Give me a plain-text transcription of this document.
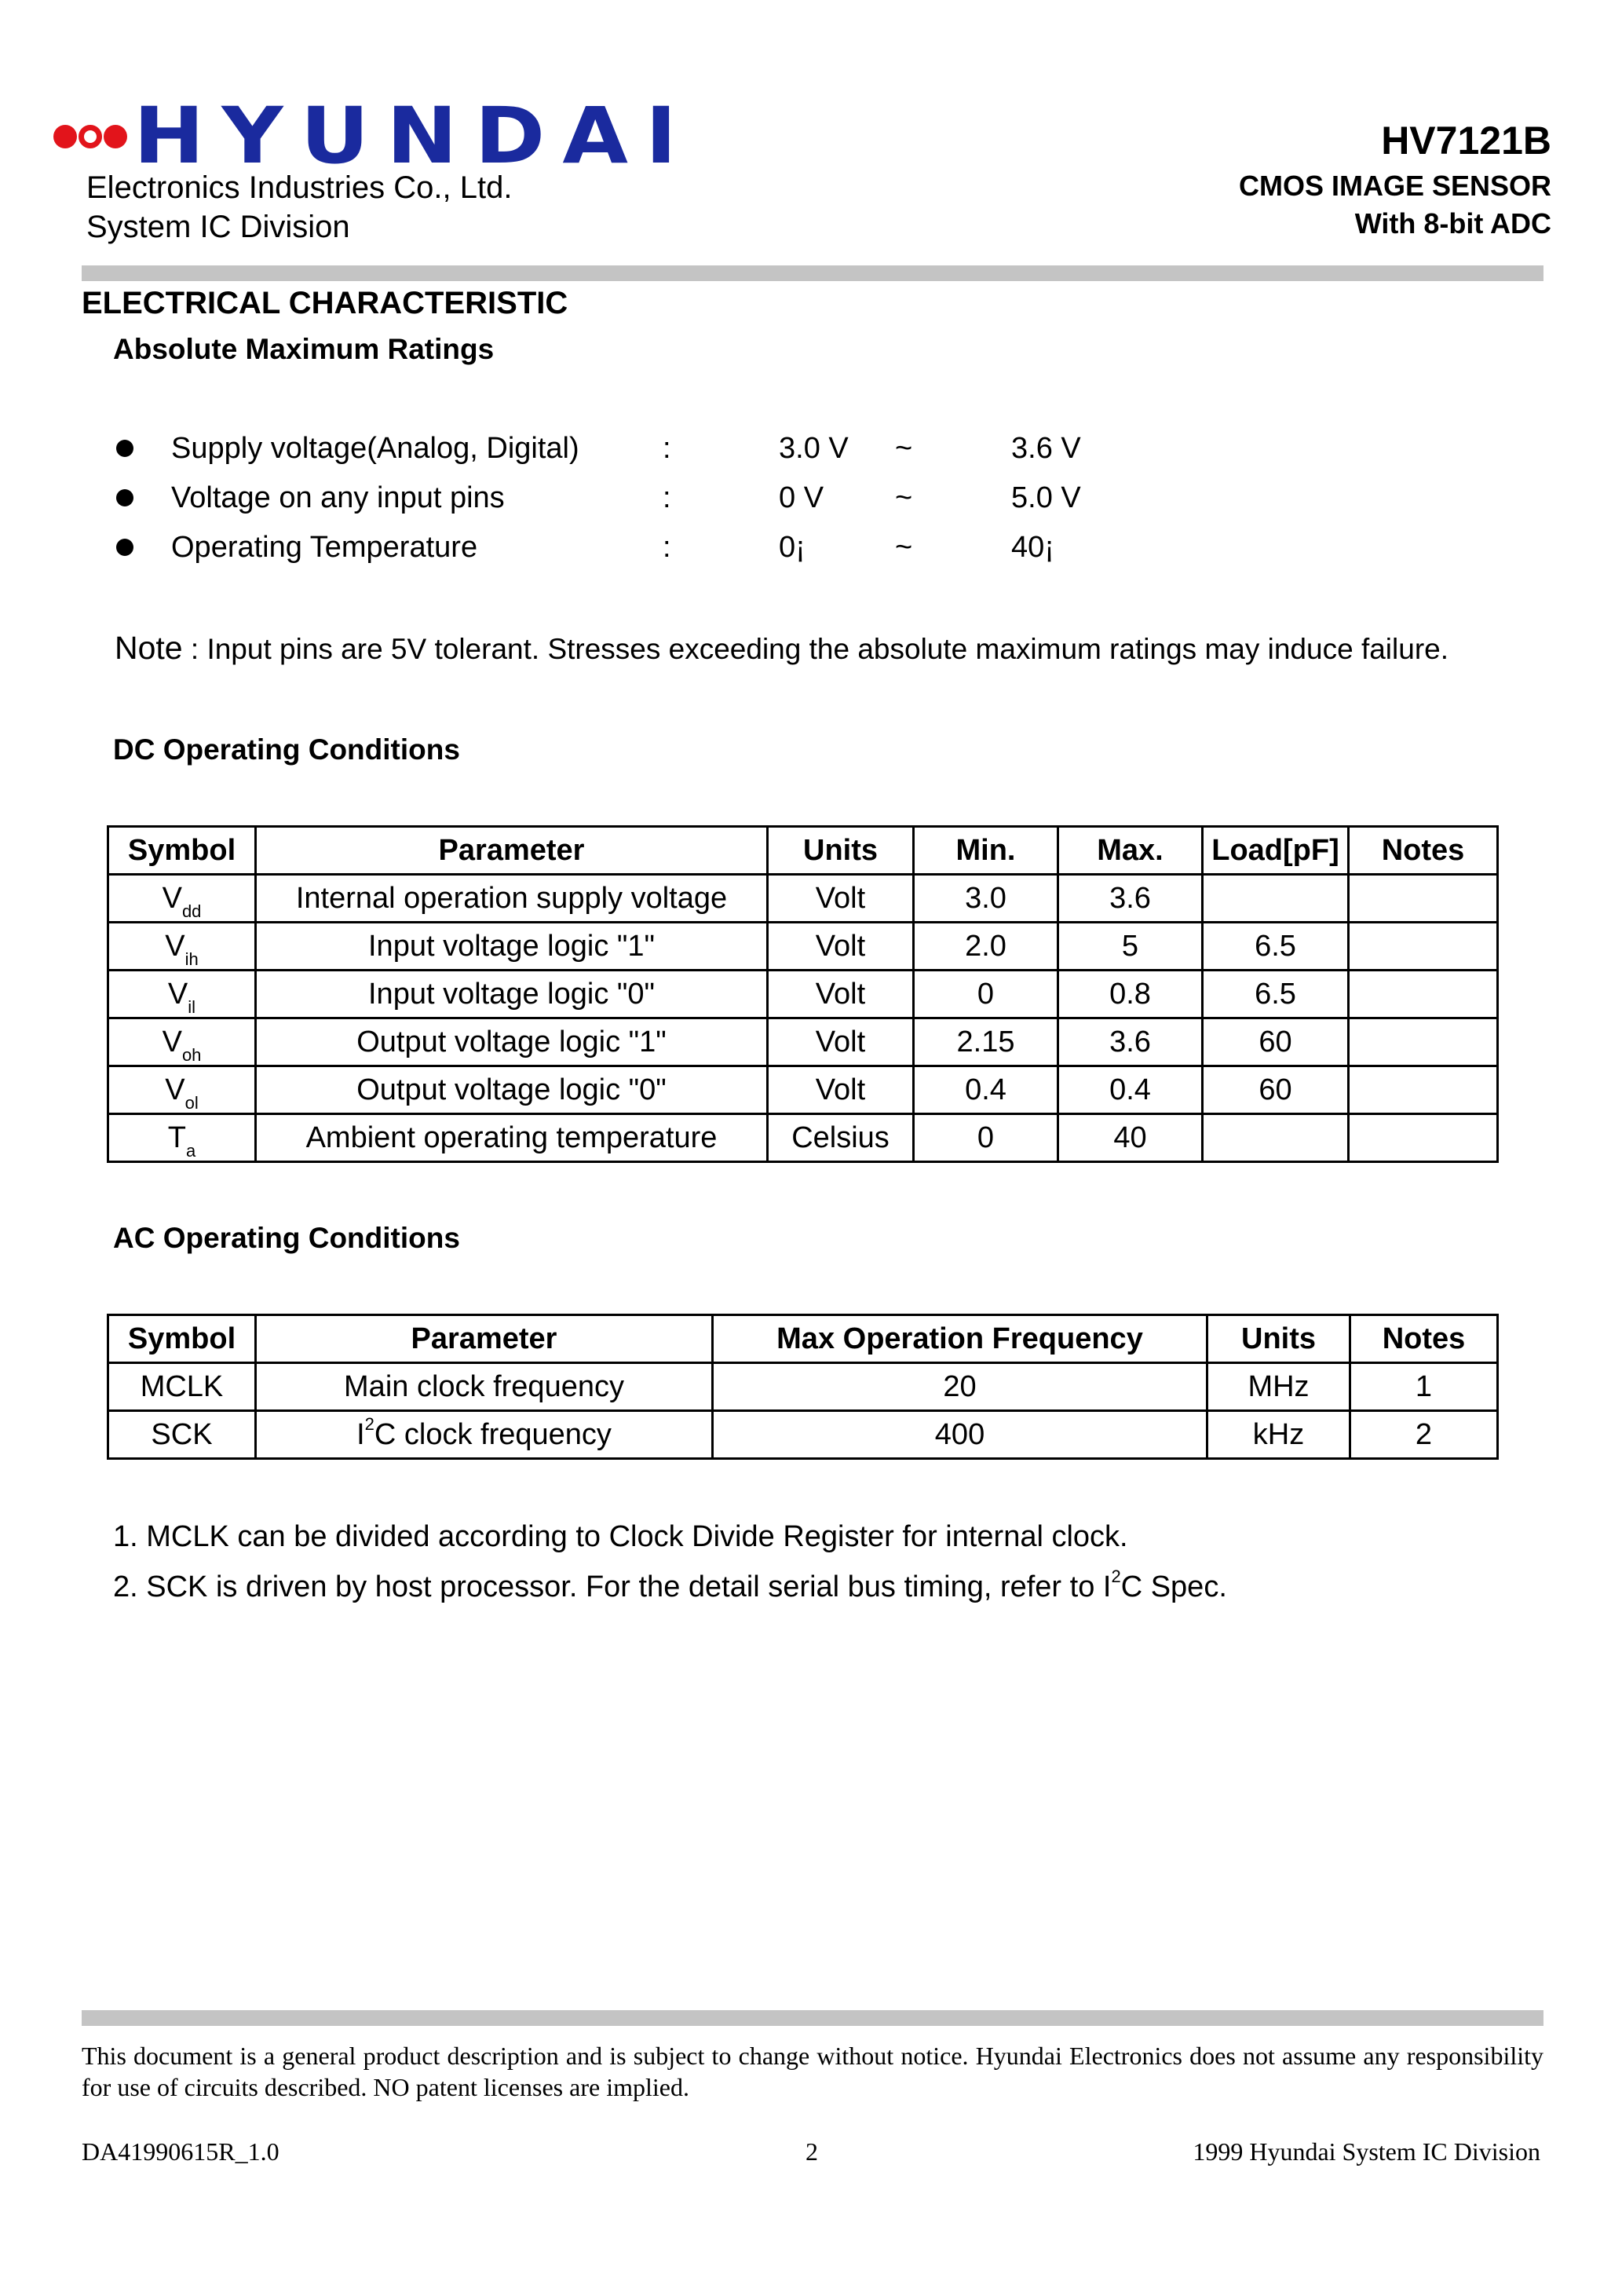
HYUNDAI
Electronics Industries Co., Ltd.
System IC Division
HV7121B
CMOS IMAGE SENSOR
With 8-bit ADC
ELECTRICAL CHARACTERISTIC
Absolute Maximum Ratings
Supply voltage(Analog, Digital)	:	3.0 V ~	3.6 V
Voltage on any input pins	:	0 V ~	5.0 V
Operating Temperature	:	0¡	~	40¡
Note : Input pins are 5V tolerant. Stresses exceeding the absolute maximum ratings may induce failure.
DC Operating Conditions
Symbol	Parameter	Units	Min.	Max.	Load[pF]	Notes
$V_{dd}$	Internal operation supply voltage	Volt	3.0	3.6		
$V_{ih}$	Input voltage logic "1"	Volt	2.0	5	6.5	
$V_{il}$	Input voltage logic "0"	Volt	0	0.8	6.5	
$V_{oh}$	Output voltage logic "1"	Volt	2.15	3.6	60	
$V_{ol}$	Output voltage logic "0"	Volt	0.4	0.4	60	
$T_a$	Ambient operating temperature	Celsius	0	40		
AC Operating Conditions
Symbol	Parameter	Max Operation Frequency	Units	Notes
MCLK	Main clock frequency	20	MHz	1
SCK	$I^2C$ clock frequency	400	kHz	2
1. MCLK can be divided according to Clock Divide Register for internal clock.
2. SCK is driven by host processor. For the detail serial bus timing, refer to $I^2C$ Spec.
This document is a general product description and is subject to change without notice. Hyundai Electronics does not assume any responsibility for use of circuits described. NO patent licenses are implied.
DA41990615R_1.0	2	1999 Hyundai System IC Division
